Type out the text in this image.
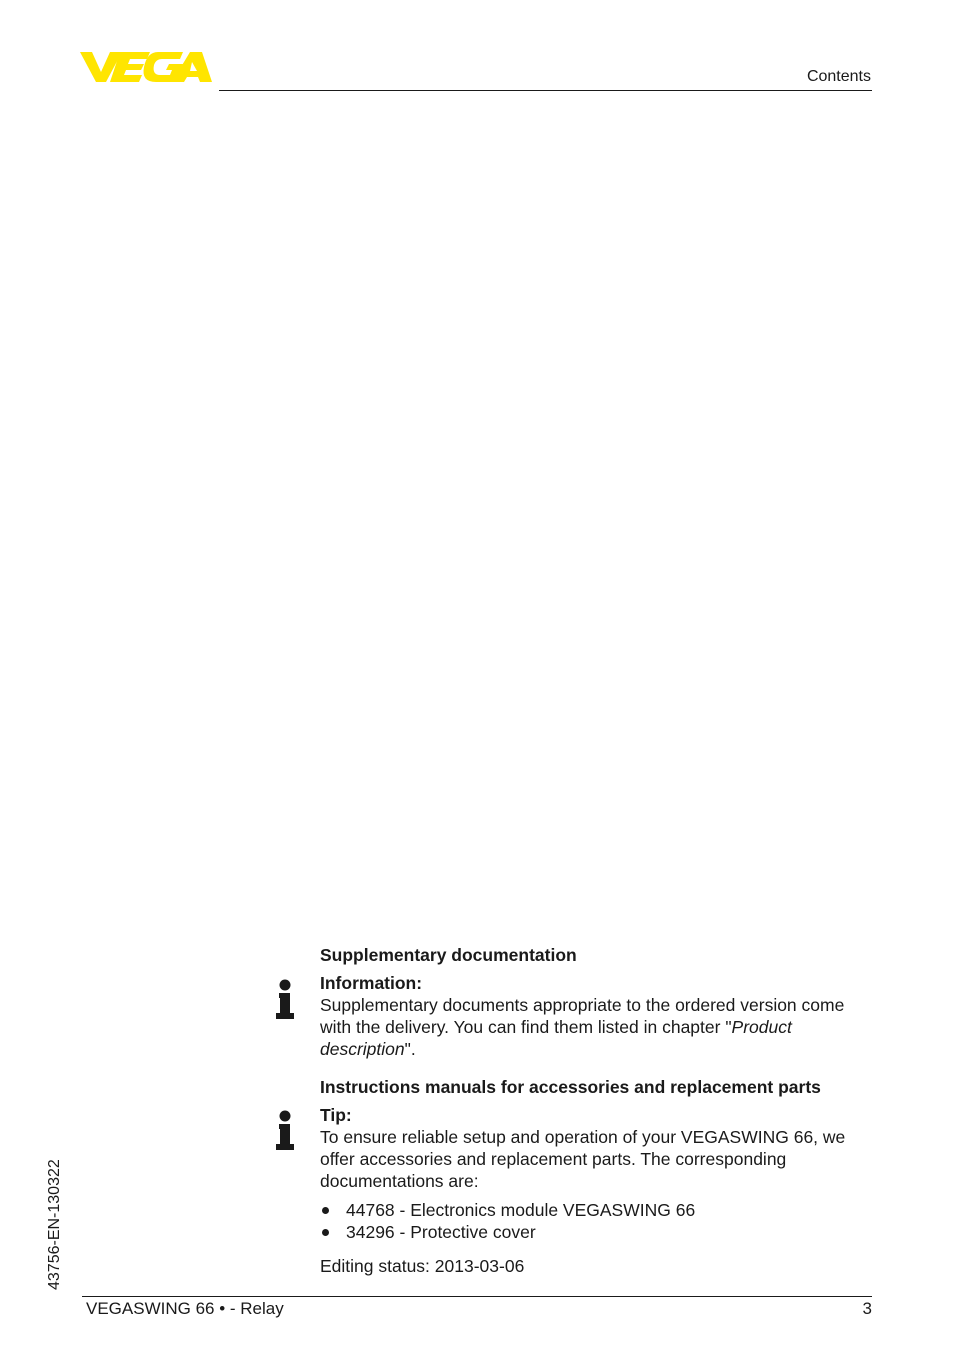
Contents
Supplementary documentation
Information:

Supplementary documents appropriate to the ordered version come with the delivery. You can find them listed in chapter "Product description".

Instructions manuals for accessories and replacement parts
Tip:

To ensure reliable setup and operation of your VEGASWING 66, we offer accessories and replacement parts. The corresponding documentations are:

44768 - Electronics module VEGASWING 66
34296 - Protective cover

Editing status: 2013-03-06

43756-EN-130322
VEGASWING 66 • - Relay	3
